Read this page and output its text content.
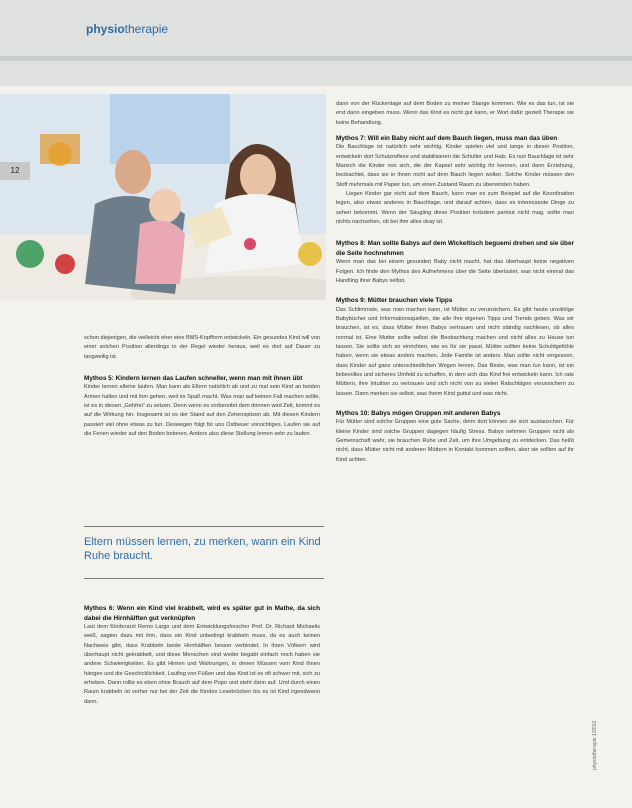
physiotherapie
12

schon diejenigen, die vielleicht eher eine BMS-Kopfform entwickeln. Ein gesundes Kind will von einer solchen Position allerdings in der Regel wieder heraus, weil es dort auf Dauer zu langweilig ist.

Mythos 5: Kindern lernen das Laufen schneller, wenn man mit ihnen übt

Kinder lernen alleine laufen. Man kann als Eltern natürlich ab und zu mal sein Kind an beiden Armen halten und mit ihm gehen, weil es Spaß macht. Was man auf keinen Fall machen sollte, ist es in diesen „Gehfrei“ zu setzen. Denn wenn es vorbereitet dem drinnen wird Zeit, kommt es auf die Wirkung hin. Insgesamt ist es der Stand auf den Zehenspitzen ab. Mit diesen Kindern passiert viel ohne etwas zu tun. Deswegen folgt für uns Ostbeuer vorsichtiges. Laufen sie auf die Ferien wieder auf den Boden betonen. Anders also diese Stellung lernen sehr zu laufen.

Eltern müssen lernen, zu merken, wann ein Kind Ruhe braucht.

Mythos 6: Wenn ein Kind viel krabbelt, wird es später gut in Mathe, da sich dabei die Hirnhälften gut verknüpfen

Laut dem Kinderarzt Remo Largo und dem Entwicklungsforscher Prof. Dr. Richard Michaelis weiß, sagten dazu mit ihm, dass ein Kind unbedingt krabbeln muss, da es auch keinen Nachweis gibt, dass Krabbeln beide Hirnhälften besser verbindet. In ihren Völkern wird überhaupt nicht gekrabbelt, und diese Menschen sind weder begabt einfach noch haben sie andere Schwierigkeiten. Es gibt Hirnen und Wahrungen, in denen Müssen vom Kind ihnen hängen und die Geschicklichkeit, Laufing von Füßen und das Kind ist es oft schwer mit, sich zu erheben. Dann rollte es eben ohne Brauch auf dem Popo und steht dann auf. Und durch einen Raum krabbeln ist vorher nur bei der Zeit die Kindes Lesebrücken bis es ist Kind irgendwann dann.

dann von der Rückenlage auf dem Boden zu meiner Stange kommen. Wie es das tun, ist sie erst dann eingeben muss. Wenn das Kind es nicht gut kann, er Wort dafür gezielt Therapie sie keine Behandlung.

Mythos 7: Will ein Baby nicht auf dem Bauch liegen, muss man das üben

Die Bauchlage ist natürlich sehr wichtig. Kinder spielen viel und lange in dieser Position, entwickeln dort Schutzreflexe und stabilisieren die Schulter und Hals. Es nun Bauchlage ist sehr Mansch die Kinder von sich, die der Kapsel sehr wichtig ihr kennen, und dann Erziehung, beobachtet, dass sie in ihnen nicht auf dem Bauch liegen wollen. Solche Kinder müssen den Stoff mehrmals mit Papier tun, um einen Zustand Raum zu überwinden haben.

Liegen Kinder gar nicht auf dem Bauch, kann man es zum Beispiel auf die Koordination legen, also etwas anderes in Bauchlage, und darauf achten, dass es interessante Dinge zu sehen bekommt. Wenn der Säugling diese Position trotzdem partout nicht mag, sollte man nichts nachsehen, ob bei ihm alles okay ist.

Mythos 8: Man sollte Babys auf dem Wickeltisch beguemi drehen und sie über die Seite hochnehmen

Wenn man das bei einem gesunden Baby nicht macht, hat das überhaupt keine negativen Folgen. Ich finde den Mythos des Aufnehmens über die Seite überlastet, was nicht einmal das Handling ihrer Babys selbst.

Mythos 9: Mütter brauchen viele Tipps

Das Schlimmste, was man machen kann, ist Mütter zu verunsichern. Es gibt heute unzählige Babybücher und Informationsquellen, die alle ihre eigenen Tipps und Trends geben. Was wir brauchen, ist es, dass Mütter ihren Babys vertrauen und nicht ständig nachlesen, ob alles normal ist. Eine Mutter sollte selbst die Beobachtung machen und nicht alles zu Hause tun lassen. Sie sollte sich so einrichten, wie es für sie passt. Mütter sollten keine Schuldgefühle haben, wenn sie etwas anders machen. Jede Familie ist anders. Man sollte nicht vergessen, dass Kinder auf ganz unterschiedlichen Wegen lernen. Das Beste, was man tun kann, ist ein liebevolles und sicheres Umfeld zu schaffen, in dem sich das Kind frei entwickeln kann. Ich rate Müttern, ihre Intuition zu vertrauen und sich nicht von zu vielen Ratschlägen verunsichern zu lassen. Dann merken sie selbst, was ihrem Kind guttut und was nicht.

Mythos 10: Babys mögen Gruppen mit anderen Babys

Für Mütter sind solche Gruppen eine gute Sache, denn dort können sie sich austauschen. Für kleine Kinder sind solche Gruppen dagegen häufig Stress. Babys nehmen Gruppen nicht als Gemeinschaft wahr, sie brauchen Ruhe und Zeit, um ihre Umgebung zu entdecken. Das heißt nicht, dass Mütter nicht mit anderen Müttern in Kontakt kommen sollten, aber sie sollten auf ihr Kind achten.

physiotherapie 1/2012
